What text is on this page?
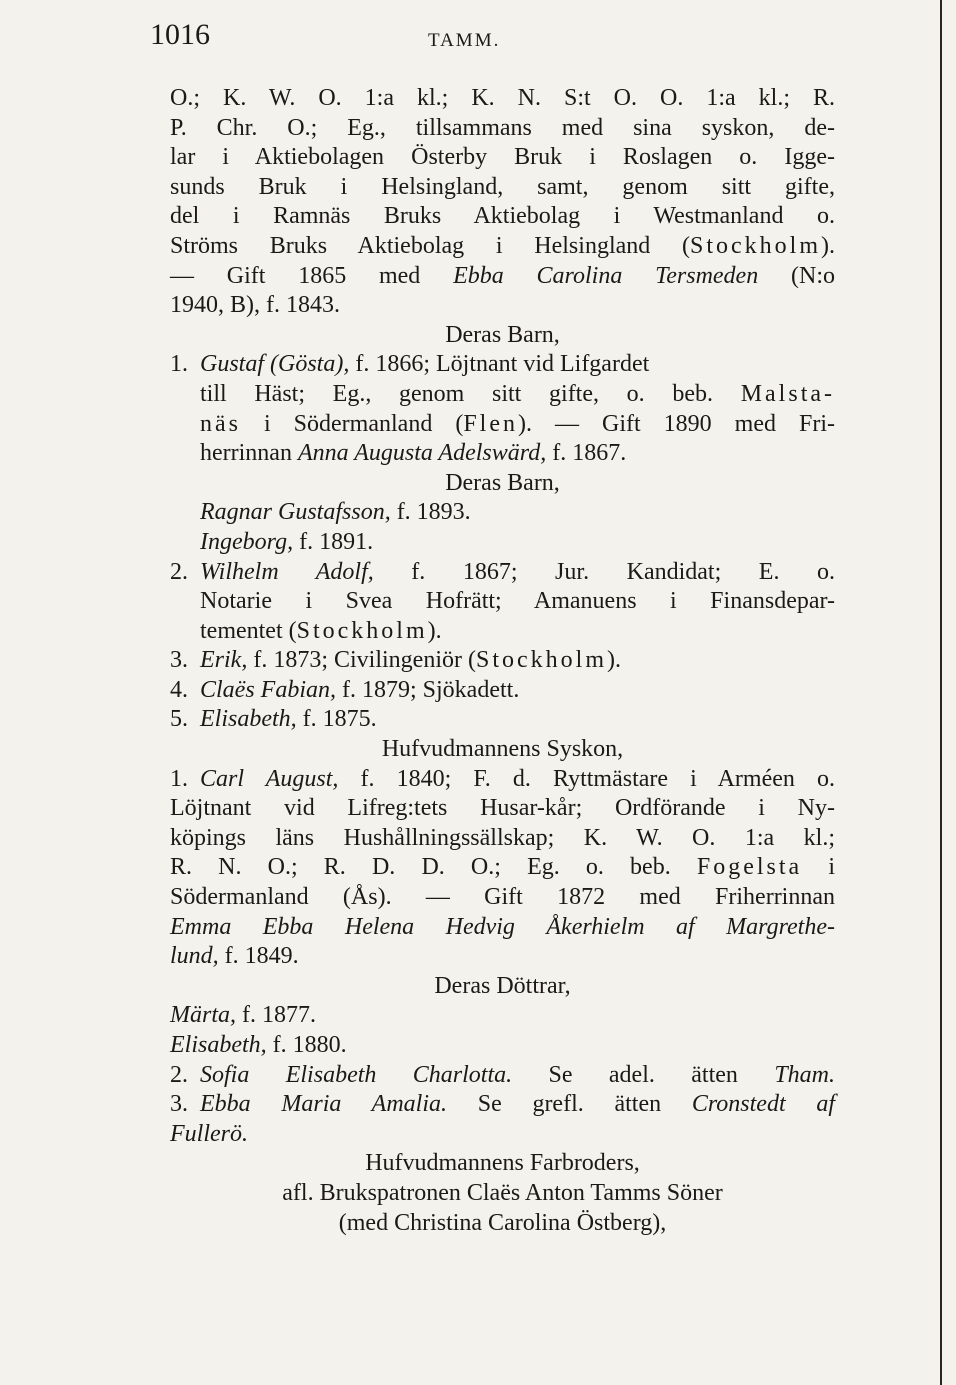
1016	TAMM.
O.; K. W. O. 1:a kl.; K. N. S:t O. O. 1:a kl.; R.
P. Chr. O.; Eg., tillsammans med sina syskon, de-
lar i Aktiebolagen Österby Bruk i Roslagen o. Igge-
sunds Bruk i Helsingland, samt, genom sitt gifte,
del i Ramnäs Bruks Aktiebolag i Westmanland o.
Ströms Bruks Aktiebolag i Helsingland (Stockholm).
— Gift 1865 med Ebba Carolina Tersmeden (N:o
1940, B), f. 1843.
Deras Barn,
1. Gustaf (Gösta), f. 1866; Löjtnant vid Lifgardet
till Häst; Eg., genom sitt gifte, o. beb. Malsta-
näs i Södermanland (Flen). — Gift 1890 med Fri-
herrinnan Anna Augusta Adelswärd, f. 1867.
Deras Barn,
Ragnar Gustafsson, f. 1893.
Ingeborg, f. 1891.
2. Wilhelm Adolf, f. 1867; Jur. Kandidat; E. o.
Notarie i Svea Hofrätt; Amanuens i Finansdepar-
tementet (Stockholm).
3. Erik, f. 1873; Civilingeniör (Stockholm).
4. Claës Fabian, f. 1879; Sjökadett.
5. Elisabeth, f. 1875.
Hufvudmannens Syskon,
1. Carl August, f. 1840; F. d. Ryttmästare i Arméen o.
Löjtnant vid Lifreg:tets Husar-kår; Ordförande i Ny-
köpings läns Hushållningssällskap; K. W. O. 1:a kl.;
R. N. O.; R. D. D. O.; Eg. o. beb. Fogelsta i
Södermanland (Ås). — Gift 1872 med Friherrinnan
Emma Ebba Helena Hedvig Åkerhielm af Margrethe-
lund, f. 1849.
Deras Döttrar,
Märta, f. 1877.
Elisabeth, f. 1880.
2. Sofia Elisabeth Charlotta. Se adel. ätten Tham.
3. Ebba Maria Amalia. Se grefl. ätten Cronstedt af
Fullerö.
Hufvudmannens Farbroders,
afl. Brukspatronen Claës Anton Tamms Söner
(med Christina Carolina Östberg),
